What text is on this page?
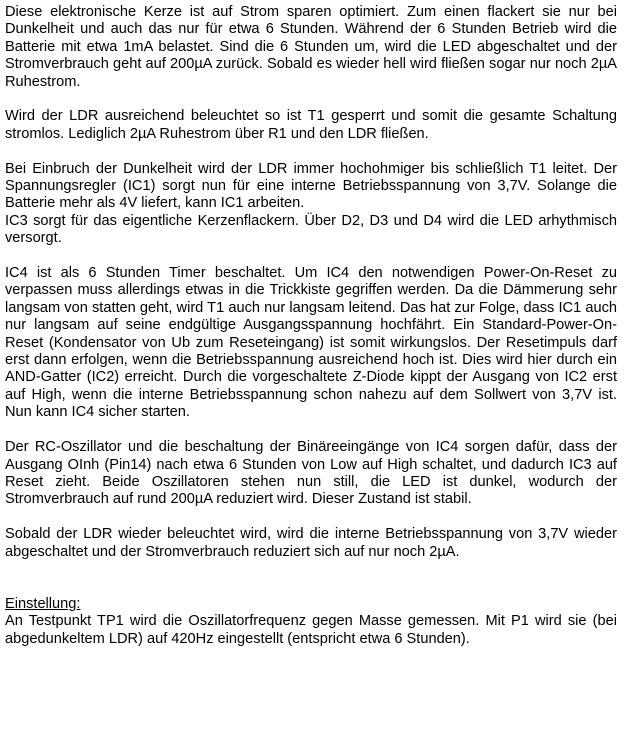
Diese elektronische Kerze ist auf Strom sparen optimiert. Zum einen flackert sie nur bei Dunkelheit und auch das nur für etwa 6 Stunden. Während der 6 Stunden Betrieb wird die Batterie mit etwa 1mA belastet. Sind die 6 Stunden um, wird die LED abgeschaltet und der Stromverbrauch geht auf 200µA zurück. Sobald es wieder hell wird fließen sogar nur noch 2µA Ruhestrom.

Wird der LDR ausreichend beleuchtet so ist T1 gesperrt und somit die gesamte Schaltung stromlos. Lediglich 2µA Ruhestrom über R1 und den LDR fließen.

Bei Einbruch der Dunkelheit wird der LDR immer hochohmiger bis schließlich T1 leitet. Der Spannungsregler (IC1) sorgt nun für eine interne Betriebsspannung von 3,7V. Solange die Batterie mehr als 4V liefert, kann IC1 arbeiten.
IC3 sorgt für das eigentliche Kerzenflackern. Über D2, D3 und D4 wird die LED arhythmisch versorgt.

IC4 ist als 6 Stunden Timer beschaltet. Um IC4 den notwendigen Power-On-Reset zu verpassen muss allerdings etwas in die Trickkiste gegriffen werden. Da die Dämmerung sehr langsam von statten geht, wird T1 auch nur langsam leitend. Das hat zur Folge, dass IC1 auch nur langsam auf seine endgültige Ausgangsspannung hochfährt. Ein Standard-Power-On-Reset (Kondensator von Ub zum Reseteingang) ist somit wirkungslos. Der Resetimpuls darf erst dann erfolgen, wenn die Betriebsspannung ausreichend hoch ist. Dies wird hier durch ein AND-Gatter (IC2) erreicht. Durch die vorgeschaltete Z-Diode kippt der Ausgang von IC2 erst auf High, wenn die interne Betriebsspannung schon nahezu auf dem Sollwert von 3,7V ist. Nun kann IC4 sicher starten.

Der RC-Oszillator und die beschaltung der Binäreeingänge von IC4 sorgen dafür, dass der Ausgang OInh (Pin14) nach etwa 6 Stunden von Low auf High schaltet, und dadurch IC3 auf Reset zieht. Beide Oszillatoren stehen nun still, die LED ist dunkel, wodurch der Stromverbrauch auf rund 200µA reduziert wird. Dieser Zustand ist stabil.

Sobald der LDR wieder beleuchtet wird, wird die interne Betriebsspannung von 3,7V wieder abgeschaltet und der Stromverbrauch reduziert sich auf nur noch 2µA.

Einstellung:
An Testpunkt TP1 wird die Oszillatorfrequenz gegen Masse gemessen. Mit P1 wird sie (bei abgedunkeltem LDR) auf 420Hz eingestellt (entspricht etwa 6 Stunden).
